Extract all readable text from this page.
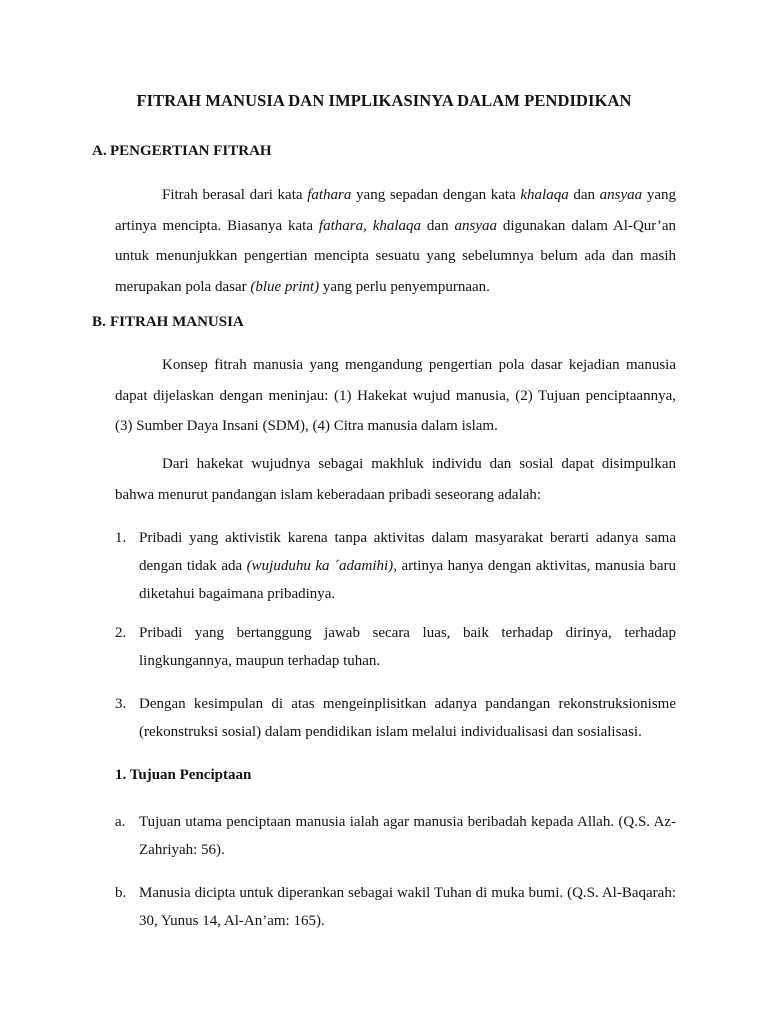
FITRAH MANUSIA DAN IMPLIKASINYA DALAM PENDIDIKAN
A. PENGERTIAN FITRAH

Fitrah berasal dari kata fathara yang sepadan dengan kata khalaqa dan ansyaa yang artinya mencipta. Biasanya kata fathara, khalaqa dan ansyaa digunakan dalam Al-Qur’an untuk menunjukkan pengertian mencipta sesuatu yang sebelumnya belum ada dan masih merupakan pola dasar (blue print) yang perlu penyempurnaan.

B. FITRAH MANUSIA

Konsep fitrah manusia yang mengandung pengertian pola dasar kejadian manusia dapat dijelaskan dengan meninjau: (1) Hakekat wujud manusia, (2) Tujuan penciptaannya, (3) Sumber Daya Insani (SDM), (4) Citra manusia dalam islam.

Dari hakekat wujudnya sebagai makhluk individu dan sosial dapat disimpulkan bahwa menurut pandangan islam keberadaan pribadi seseorang adalah:

1. Pribadi yang aktivistik karena tanpa aktivitas dalam masyarakat berarti adanya sama dengan tidak ada (wujuduhu ka ´adamihi), artinya hanya dengan aktivitas, manusia baru diketahui bagaimana pribadinya.

2. Pribadi yang bertanggung jawab secara luas, baik terhadap dirinya, terhadap lingkungannya, maupun terhadap tuhan.

3. Dengan kesimpulan di atas mengeinplisitkan adanya pandangan rekonstruksionisme (rekonstruksi sosial) dalam pendidikan islam melalui individualisasi dan sosialisasi.

1. Tujuan Penciptaan

a. Tujuan utama penciptaan manusia ialah agar manusia beribadah kepada Allah. (Q.S. Az-Zahriyah: 56).

b. Manusia dicipta untuk diperankan sebagai wakil Tuhan di muka bumi. (Q.S. Al-Baqarah: 30, Yunus 14, Al-An’am: 165).
